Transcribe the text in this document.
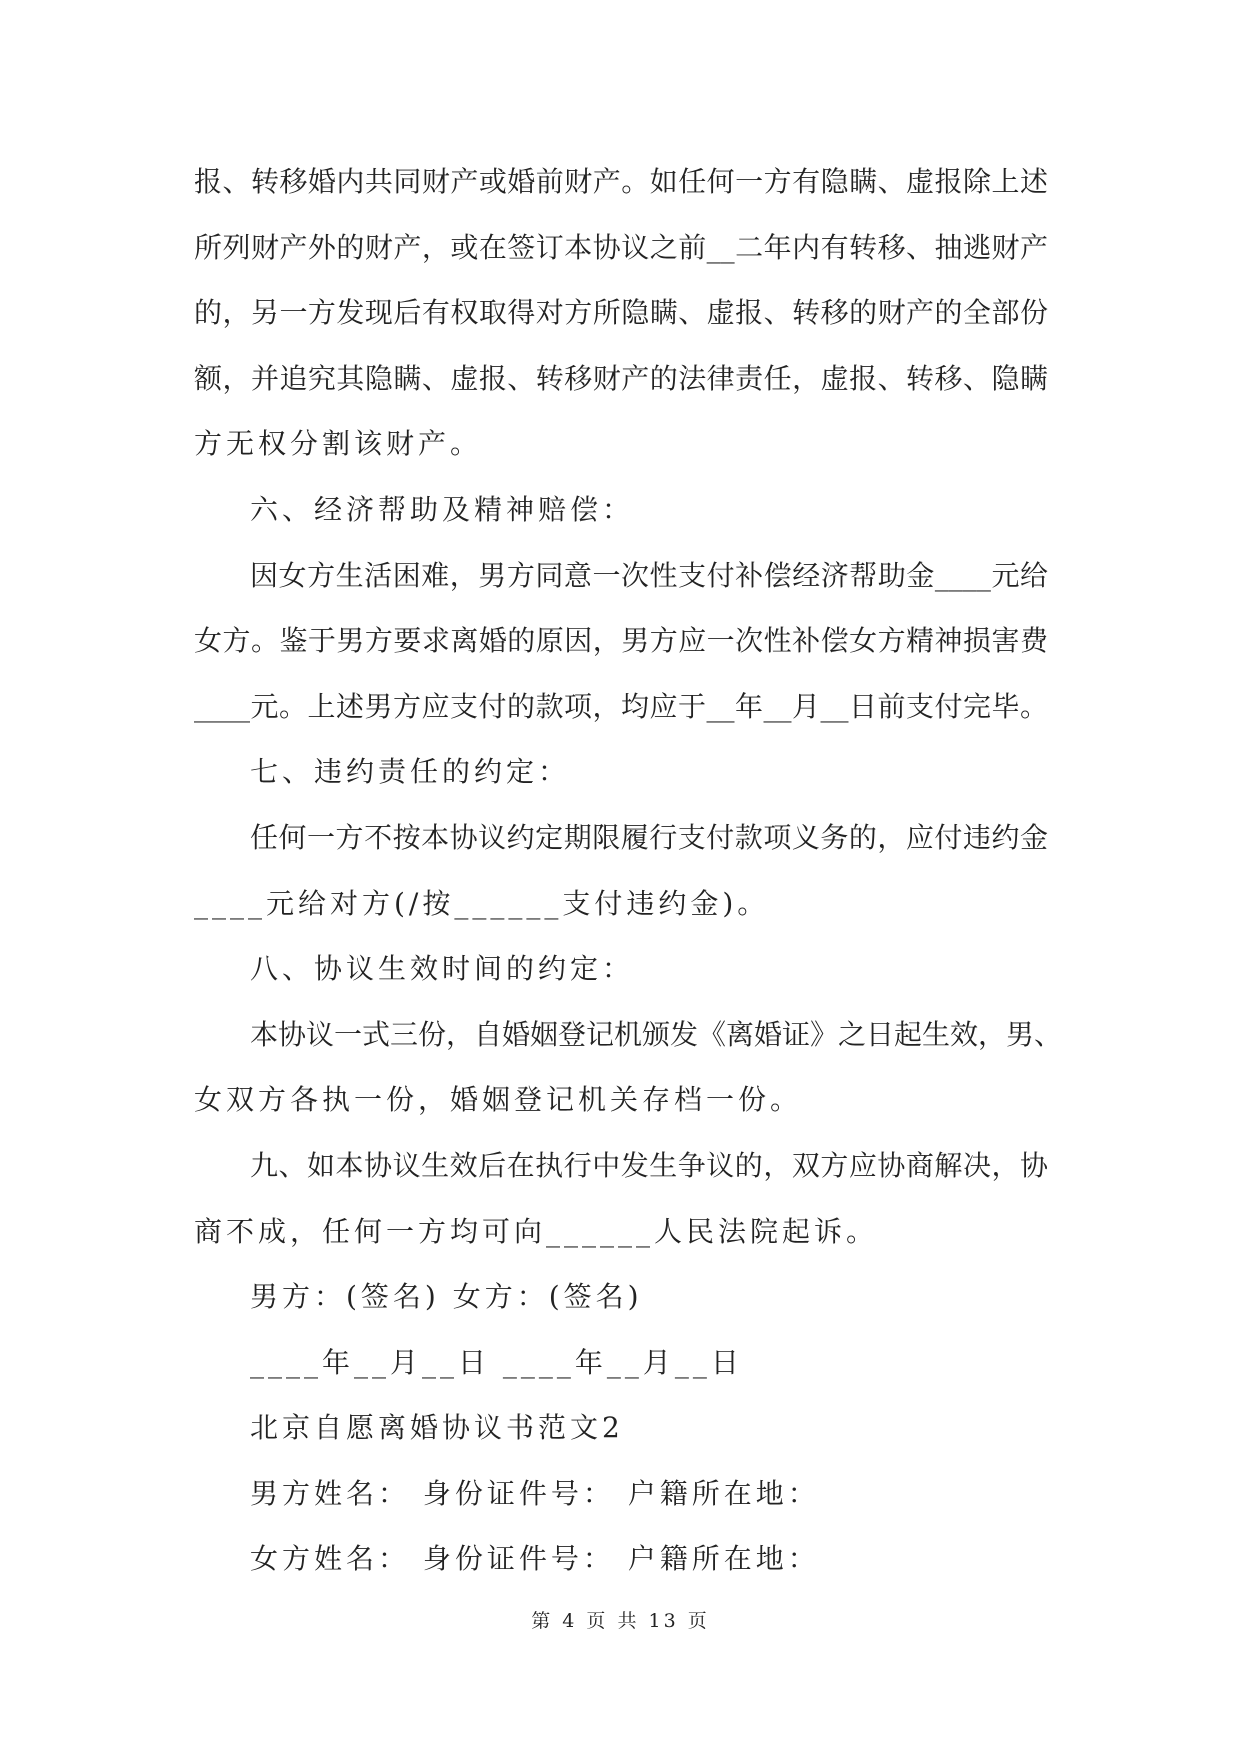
报、转移婚内共同财产或婚前财产。如任何一方有隐瞒、虚报除上述
所列财产外的财产，或在签订本协议之前__二年内有转移、抽逃财产
的，另一方发现后有权取得对方所隐瞒、虚报、转移的财产的全部份
额，并追究其隐瞒、虚报、转移财产的法律责任，虚报、转移、隐瞒
方无权分割该财产。
六、经济帮助及精神赔偿：
因女方生活困难，男方同意一次性支付补偿经济帮助金____元给
女方。鉴于男方要求离婚的原因，男方应一次性补偿女方精神损害费
____元。上述男方应支付的款项，均应于__年__月__日前支付完毕。
七、违约责任的约定：
任何一方不按本协议约定期限履行支付款项义务的，应付违约金
____元给对方(/按______支付违约金)。
八、协议生效时间的约定：
本协议一式三份，自婚姻登记机颁发《离婚证》之日起生效，男、
女双方各执一份，婚姻登记机关存档一份。
九、如本协议生效后在执行中发生争议的，双方应协商解决，协
商不成，任何一方均可向______人民法院起诉。
男方：(签名) 女方：(签名)
____年__月__日 ____年__月__日
北京自愿离婚协议书范文2
男方姓名： 身份证件号： 户籍所在地：
女方姓名： 身份证件号： 户籍所在地：
第 4 页 共 13 页
